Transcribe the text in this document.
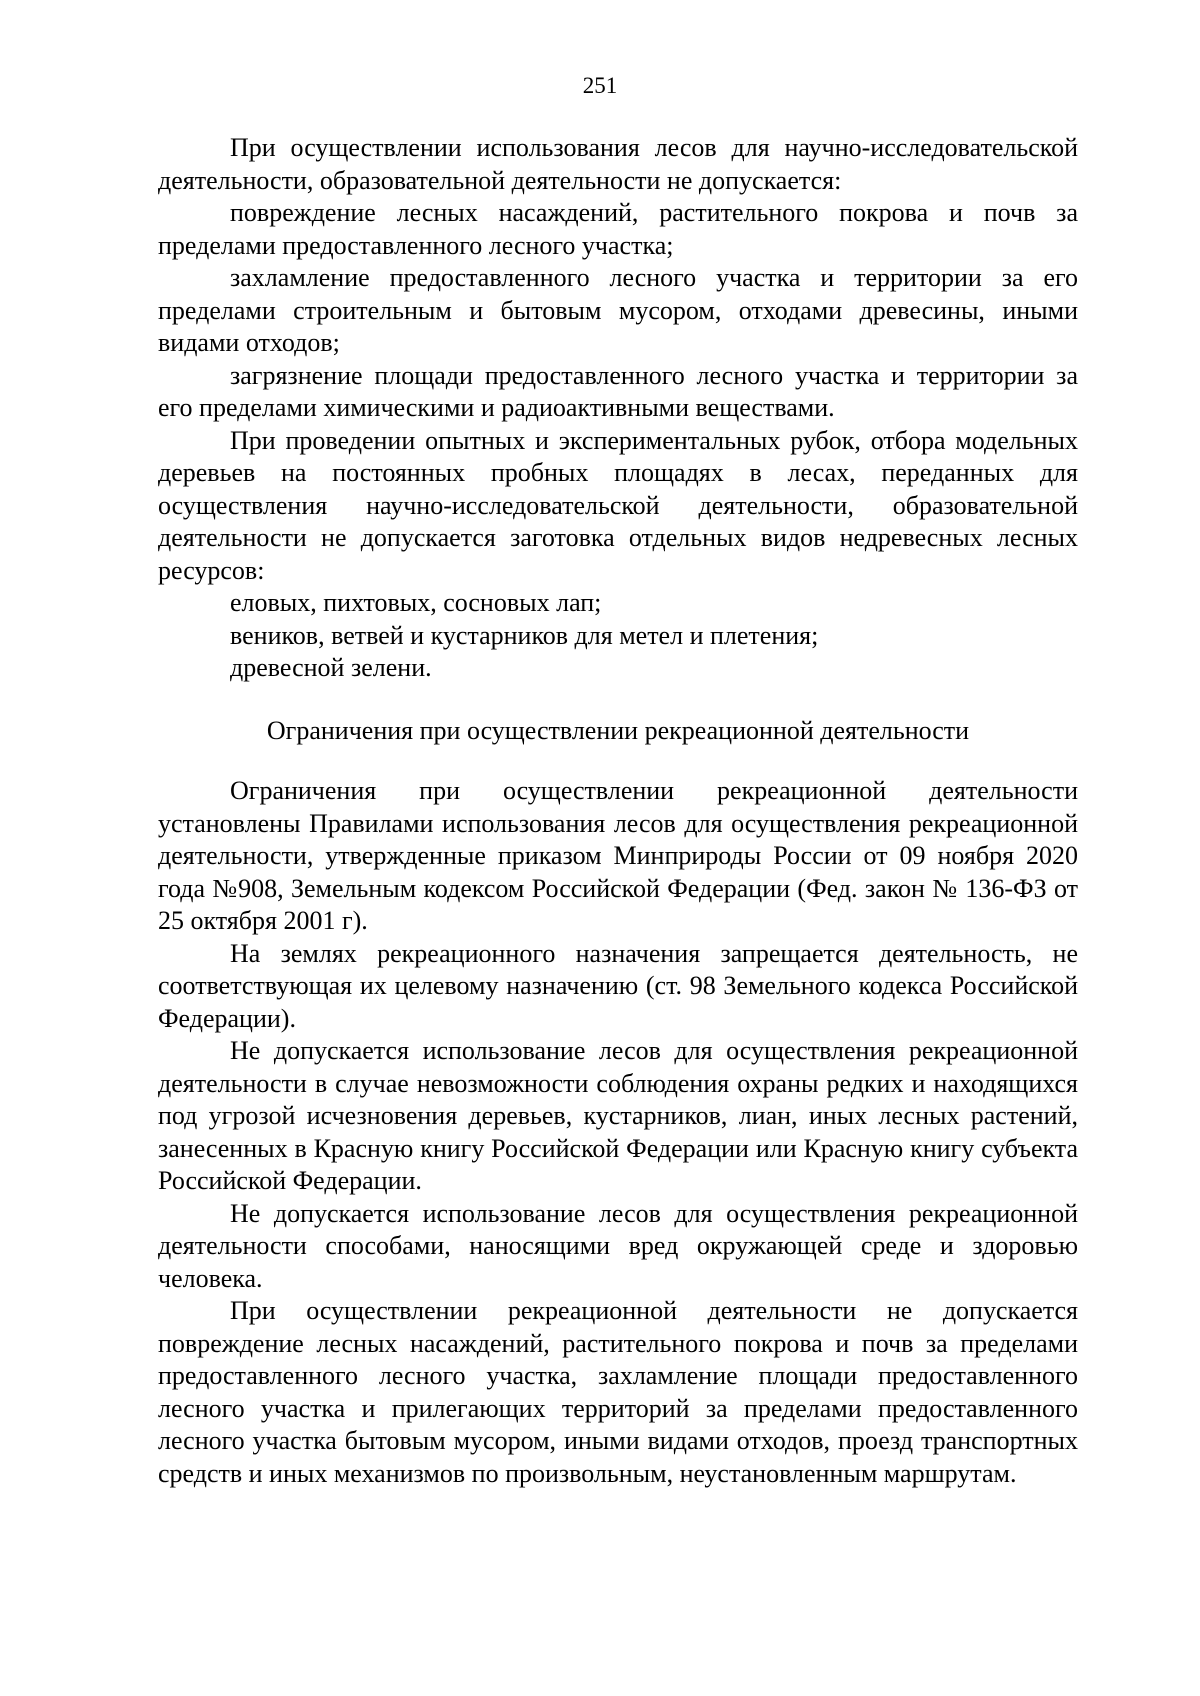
251

При осуществлении использования лесов для научно-исследовательской деятельности, образовательной деятельности не допускается:

повреждение лесных насаждений, растительного покрова и почв за пределами предоставленного лесного участка;

захламление предоставленного лесного участка и территории за его пределами строительным и бытовым мусором, отходами древесины, иными видами отходов;

загрязнение площади предоставленного лесного участка и территории за его пределами химическими и радиоактивными веществами.

При проведении опытных и экспериментальных рубок, отбора модельных деревьев на постоянных пробных площадях в лесах, переданных для осуществления научно-исследовательской деятельности, образовательной деятельности не допускается заготовка отдельных видов недревесных лесных ресурсов:

еловых, пихтовых, сосновых лап;

веников, ветвей и кустарников для метел и плетения;

древесной зелени.

Ограничения при осуществлении рекреационной деятельности

Ограничения при осуществлении рекреационной деятельности установлены Правилами использования лесов для осуществления рекреационной деятельности, утвержденные приказом Минприроды России от 09 ноября 2020 года №908, Земельным кодексом Российской Федерации (Фед. закон № 136-ФЗ от 25 октября 2001 г).

На землях рекреационного назначения запрещается деятельность, не соответствующая их целевому назначению (ст. 98 Земельного кодекса Российской Федерации).

Не допускается использование лесов для осуществления рекреационной деятельности в случае невозможности соблюдения охраны редких и находящихся под угрозой исчезновения деревьев, кустарников, лиан, иных лесных растений, занесенных в Красную книгу Российской Федерации или Красную книгу субъекта Российской Федерации.

Не допускается использование лесов для осуществления рекреационной деятельности способами, наносящими вред окружающей среде и здоровью человека.

При осуществлении рекреационной деятельности не допускается повреждение лесных насаждений, растительного покрова и почв за пределами предоставленного лесного участка, захламление площади предоставленного лесного участка и прилегающих территорий за пределами предоставленного лесного участка бытовым мусором, иными видами отходов, проезд транспортных средств и иных механизмов по произвольным, неустановленным маршрутам.
